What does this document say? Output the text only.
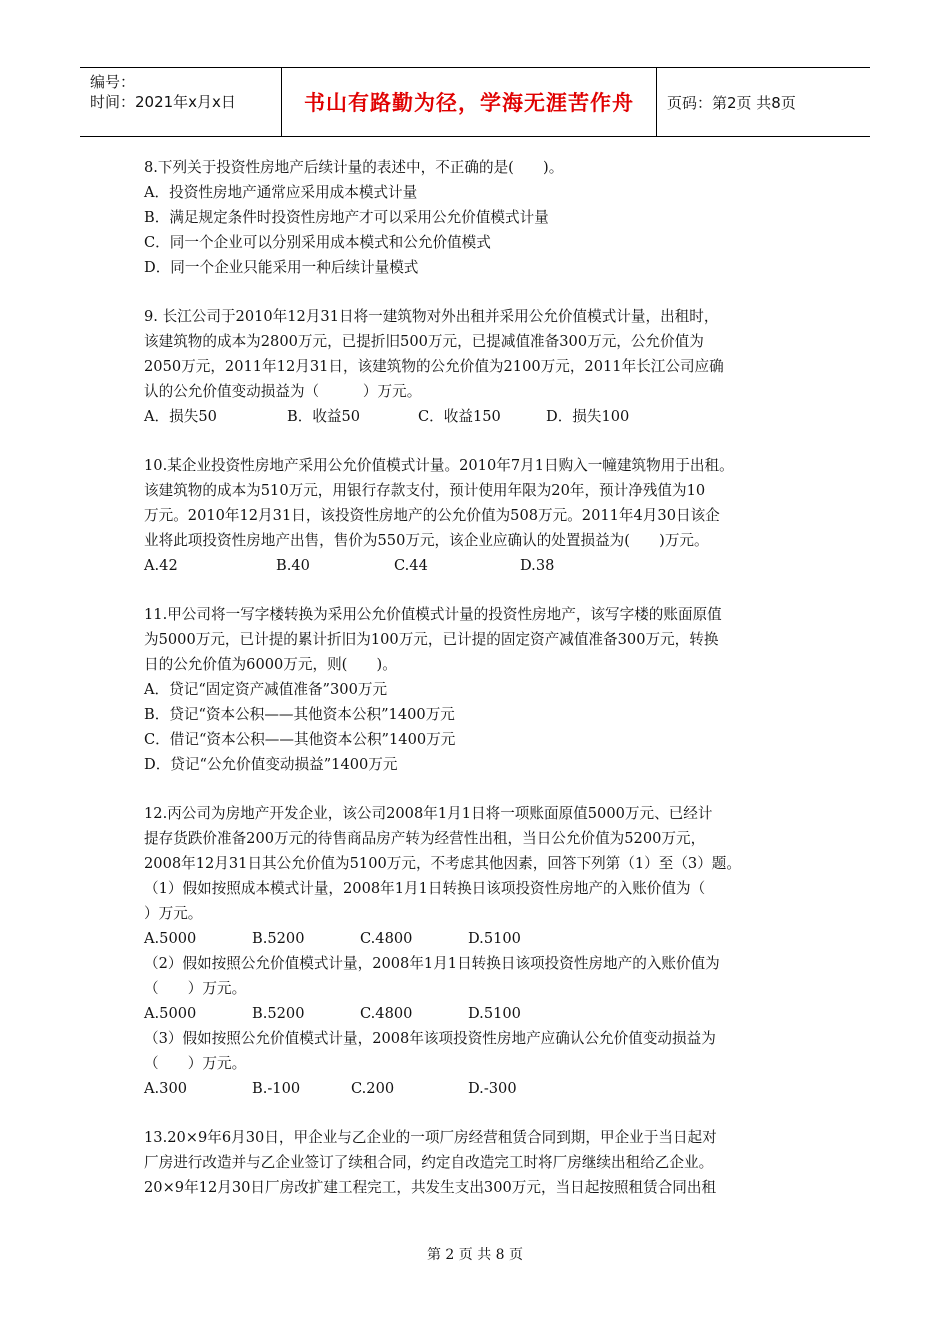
编号：
时间：2021年x月x日	书山有路勤为径，学海无涯苦作舟	页码：第2页 共8页
8.下列关于投资性房地产后续计量的表述中，不正确的是(　　)。
A．投资性房地产通常应采用成本模式计量
B．满足规定条件时投资性房地产才可以采用公允价值模式计量
C．同一个企业可以分别采用成本模式和公允价值模式
D．同一个企业只能采用一种后续计量模式
9. 长江公司于2010年12月31日将一建筑物对外出租并采用公允价值模式计量，出租时，
该建筑物的成本为2800万元，已提折旧500万元，已提减值准备300万元，公允价值为
2050万元，2011年12月31日，该建筑物的公允价值为2100万元，2011年长江公司应确
认的公允价值变动损益为（　　　）万元。
A．损失50	B．收益50	C．收益150	D．损失100
10.某企业投资性房地产采用公允价值模式计量。2010年7月1日购入一幢建筑物用于出租。
该建筑物的成本为510万元，用银行存款支付，预计使用年限为20年，预计净残值为10
万元。2010年12月31日，该投资性房地产的公允价值为508万元。2011年4月30日该企
业将此项投资性房地产出售，售价为550万元，该企业应确认的处置损益为(　　)万元。
A.42	B.40	C.44	D.38
11.甲公司将一写字楼转换为采用公允价值模式计量的投资性房地产，该写字楼的账面原值
为5000万元，已计提的累计折旧为100万元，已计提的固定资产减值准备300万元，转换
日的公允价值为6000万元，则(　　)。
A．贷记“固定资产减值准备”300万元
B．贷记“资本公积——其他资本公积”1400万元
C．借记“资本公积——其他资本公积”1400万元
D．贷记“公允价值变动损益”1400万元
12.丙公司为房地产开发企业，该公司2008年1月1日将一项账面原值5000万元、已经计
提存货跌价准备200万元的待售商品房产转为经营性出租，当日公允价值为5200万元，
2008年12月31日其公允价值为5100万元，不考虑其他因素，回答下列第（1）至（3）题。
（1）假如按照成本模式计量，2008年1月1日转换日该项投资性房地产的入账价值为（
）万元。
A.5000	B.5200	C.4800	D.5100
（2）假如按照公允价值模式计量，2008年1月1日转换日该项投资性房地产的入账价值为
（　　）万元。
A.5000	B.5200	C.4800	D.5100
（3）假如按照公允价值模式计量，2008年该项投资性房地产应确认公允价值变动损益为
（　　）万元。
A.300	B.-100	C.200	D.-300
13.20×9年6月30日，甲企业与乙企业的一项厂房经营租赁合同到期，甲企业于当日起对
厂房进行改造并与乙企业签订了续租合同，约定自改造完工时将厂房继续出租给乙企业。
20×9年12月30日厂房改扩建工程完工，共发生支出300万元，当日起按照租赁合同出租
第 2 页 共 8 页
